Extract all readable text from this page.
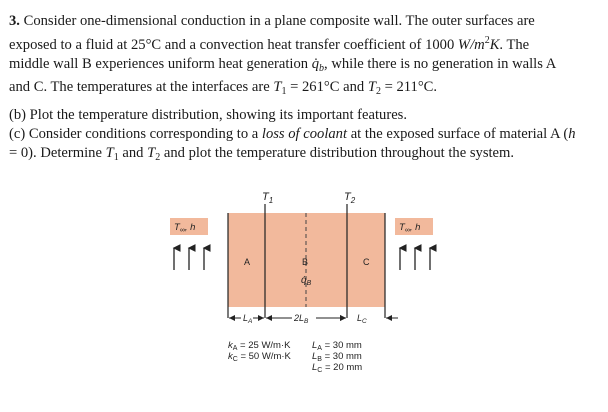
3. Consider one-dimensional conduction in a plane composite wall. The outer surfaces are
exposed to a fluid at 25°C and a convection heat transfer coefficient of 1000 $W/m^2K$. The
middle wall B experiences uniform heat generation $q̇_b$, while there is no generation in walls A
and C. The temperatures at the interfaces are $T_1 = 261^\circ C$ and $T_2 = 211^\circ C$.
(b) Plot the temperature distribution, showing its important features.
(c) Consider conditions corresponding to a loss of coolant at the exposed surface of material A (h
= 0). Determine $T_1$ and $T_2$ and plot the temperature distribution throughout the system.
$T_1$	$T_2$
A	B	C
$q̇_B$
$T_\infty$, h	$T_\infty$, h
$L_A$	$2L_B$	$L_C$
$k_A = 25$ W/m·K
$k_C = 50$ W/m·K
$L_A = 30$ mm
$L_B = 30$ mm
$L_C = 20$ mm
